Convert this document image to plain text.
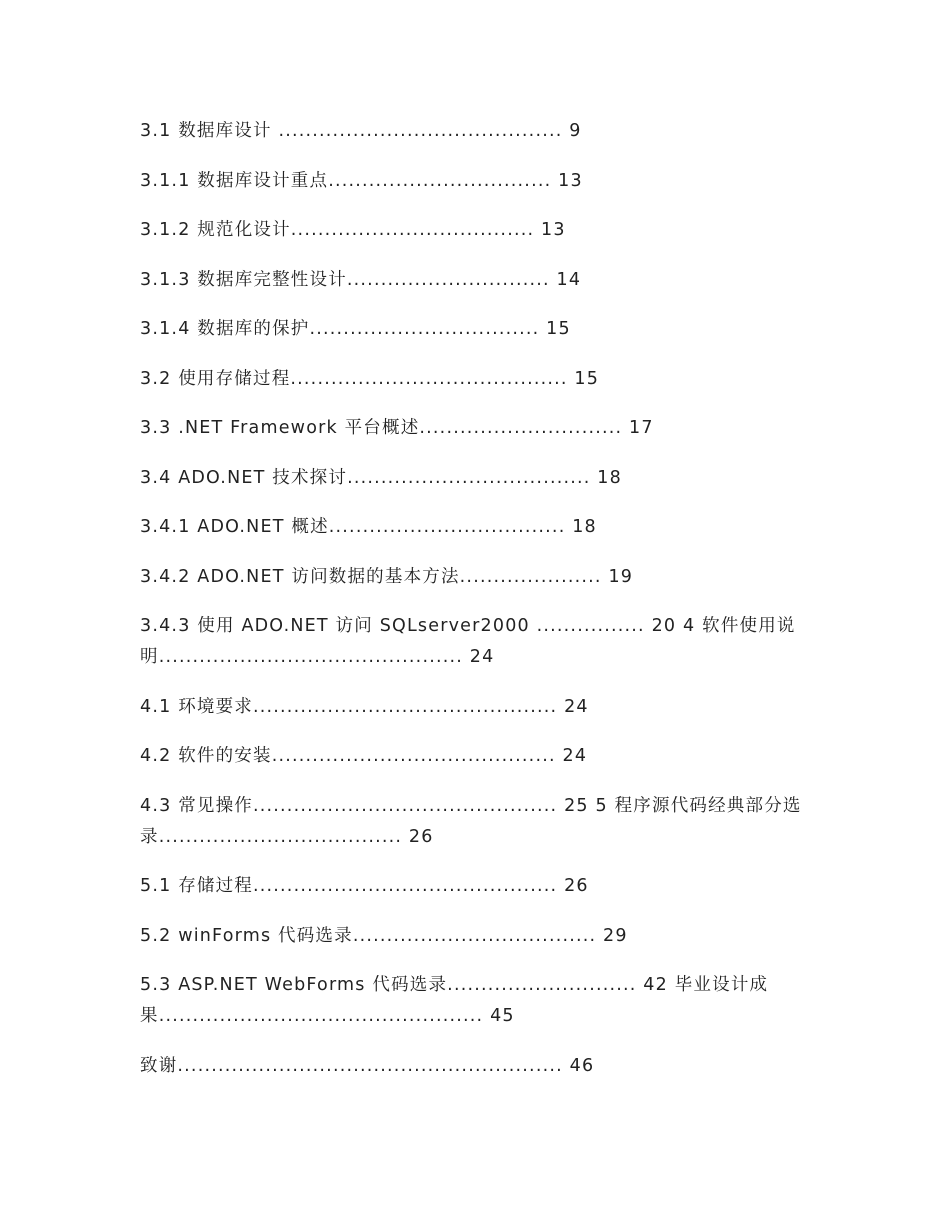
3.1 数据库设计 .......................................... 9
3.1.1 数据库设计重点................................. 13
3.1.2 规范化设计.................................... 13
3.1.3 数据库完整性设计.............................. 14
3.1.4 数据库的保护.................................. 15
3.2 使用存储过程......................................... 15
3.3 .NET Framework 平台概述.............................. 17
3.4 ADO.NET 技术探讨.................................... 18
3.4.1 ADO.NET 概述................................... 18
3.4.2 ADO.NET 访问数据的基本方法..................... 19
3.4.3 使用 ADO.NET 访问 SQLserver2000 ................ 20 4 软件使用说明............................................. 24
4.1 环境要求............................................. 24
4.2 软件的安装.......................................... 24
4.3 常见操作............................................. 25 5 程序源代码经典部分选录.................................... 26
5.1 存储过程............................................. 26
5.2 winForms 代码选录.................................... 29
5.3 ASP.NET WebForms 代码选录............................ 42 毕业设计成果................................................ 45
致谢......................................................... 46
